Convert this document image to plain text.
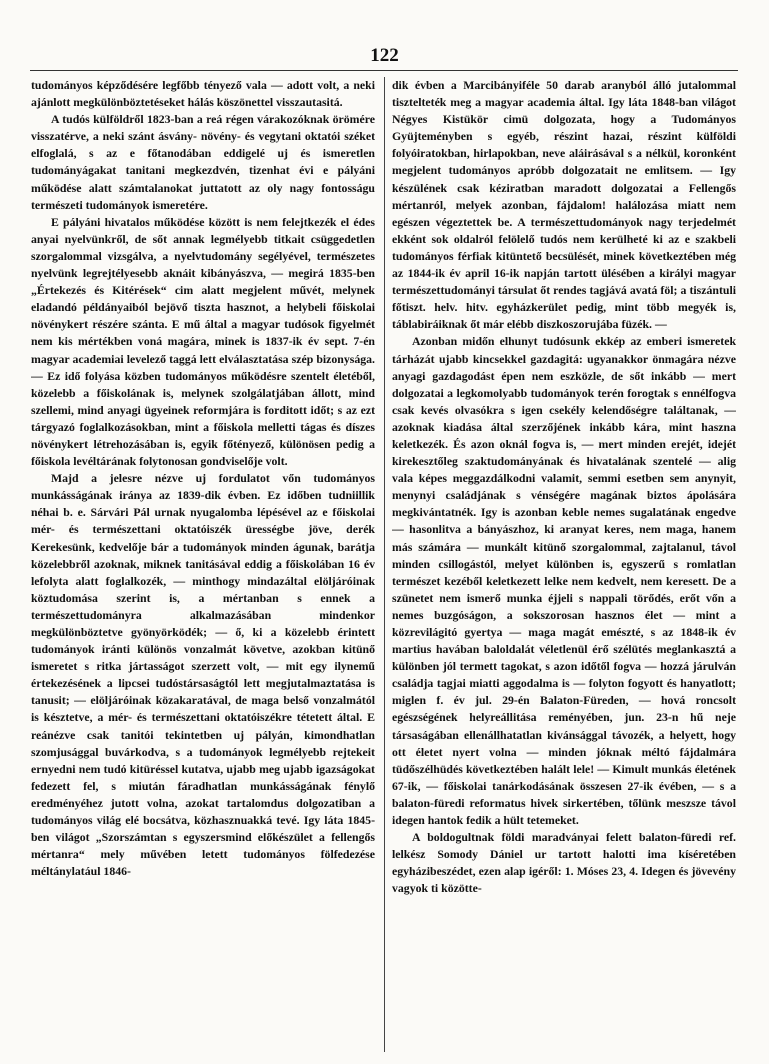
122

tudományos képződésére legfőbb tényező vala — adott volt, a neki ajánlott megkülönböztetéseket hálás köszönettel visszautasitá.

A tudós külföldről 1823-ban a reá régen várakozóknak örömére visszatérve, a neki szánt ásvány- növény- és vegytani oktatói széket elfoglalá, s az e főtanodában eddigelé uj és ismeretlen tudományágakat tanitani megkezdvén, tizenhat évi e pályáni működése alatt számtalanokat juttatott az oly nagy fontosságu természeti tudományok ismeretére.

E pályáni hivatalos működése között is nem felejtkezék el édes anyai nyelvünkről, de sőt annak legmélyebb titkait csüggedetlen szorgalommal vizsgálva, a nyelvtudomány segélyével, természetes nyelvünk legrejtélyesebb aknáit kibányászva, — megirá 1835-ben „Értekezés és Kitérések“ cim alatt megjelent művét, melynek eladandó példányaiból bejövő tiszta hasznot, a helybeli főiskolai növénykert részére szánta. E mű által a magyar tudósok figyelmét nem kis mértékben voná magára, minek is 1837-ik év sept. 7-én magyar academiai levelező taggá lett elválasztatása szép bizonysága. — Ez idő folyása közben tudományos működésre szentelt életéből, közelebb a főiskolának is, melynek szolgálatjában állott, mind szellemi, mind anyagi ügyeinek reformjára is forditott időt; s az ezt tárgyazó foglalkozásokban, mint a főiskola melletti tágas és díszes növénykert létrehozásában is, egyik főtényező, különösen pedig a főiskola levéltárának folytonosan gondviselője volt.

Majd a jelesre nézve uj fordulatot vőn tudományos munkásságának iránya az 1839-dik évben. Ez időben tudniillik néhai b. e. Sárvári Pál urnak nyugalomba lépésével az e főiskolai mér- és természettani oktatóiszék ürességbe jöve, derék Kerekesünk, kedvelője bár a tudományok minden águnak, barátja közelebbről azoknak, miknek tanitásával eddig a főiskolában 16 év lefolyta alatt foglalkozék, — minthogy mindazáltal elöljáróinak köztudomása szerint is, a mértanban s ennek a természettudományra alkalmazásában mindenkor megkülönböztetve gyönyörködék; — ő, ki a közelebb érintett tudományok iránti különös vonzalmát követve, azokban kitünő ismeretet s ritka jártasságot szerzett volt, — mit egy ilynemű értekezésének a lipcsei tudóstársaságtól lett megjutalmaztatása is tanusit; — elöljáróinak közakaratával, de maga belső vonzalmától is késztetve, a mér- és természettani oktatóiszékre tétetett által. E reánézve csak tanitói tekintetben uj pályán, kimondhatlan szomjusággal buvárkodva, s a tudományok legmélyebb rejtekeit ernyedni nem tudó kitüréssel kutatva, ujabb meg ujabb igazságokat fedezett fel, s miután fáradhatlan munkásságának fénylő eredményéhez jutott volna, azokat tartalomdus dolgozatiban a tudományos világ elé bocsátva, közhasznuakká tevé. Igy láta 1845-ben világot „Szorszámtan s egyszersmind előkészület a fellengős mértanra“ mely művében letett tudományos fölfedezése méltánylatául 1846-

dik évben a Marcibányiféle 50 darab aranyból álló jutalommal tisztelteték meg a magyar academia által. Igy láta 1848-ban világot Négyes Kistükör cimü dolgozata, hogy a Tudományos Gyüjteményben s egyéb, részint hazai, részint külföldi folyóiratokban, hirlapokban, neve aláirásával s a nélkül, koronként megjelent tudományos apróbb dolgozatait ne emlitsem. — Igy készülének csak kéziratban maradott dolgozatai a Fellengős mértanról, melyek azonban, fájdalom! halálozása miatt nem egészen végeztettek be. A természettudományok nagy terjedelmét ekként sok oldalról felölelő tudós nem kerülheté ki az e szakbeli tudományos férfiak kitüntető becsülését, minek következtében még az 1844-ik év april 16-ik napján tartott ülésében a királyi magyar természettudományi társulat őt rendes tagjává avatá föl; a tiszántuli főtiszt. helv. hitv. egyházkerület pedig, mint több megyék is, táblabiráiknak őt már elébb diszkoszorujába füzék. —

Azonban midőn elhunyt tudósunk ekkép az emberi ismeretek tárházát ujabb kincsekkel gazdagitá: ugyanakkor önmagára nézve anyagi gazdagodást épen nem eszközle, de sőt inkább — mert dolgozatai a legkomolyabb tudományok terén forogtak s ennélfogva csak kevés olvasókra s igen csekély kelendőségre találtanak, — azoknak kiadása által szerzőjének inkább kára, mint haszna keletkezék. És azon oknál fogva is, — mert minden erejét, idejét kirekesztőleg szaktudományának és hivatalának szentelé — alig vala képes meggazdálkodni valamit, semmi esetben sem anynyit, menynyi családjának s vénségére magának biztos ápolására megkivántatnék. Igy is azonban keble nemes sugalatának engedve — hasonlitva a bányászhoz, ki aranyat keres, nem maga, hanem más számára — munkált kitünő szorgalommal, zajtalanul, távol minden csillogástól, melyet különben is, egyszerű s romlatlan természet kezéből keletkezett lelke nem kedvelt, nem keresett. De a szünetet nem ismerő munka éjjeli s nappali törődés, erőt vőn a nemes buzgóságon, a sokszorosan hasznos élet — mint a közrevilágitó gyertya — maga magát emészté, s az 1848-ik év martius havában baloldalát véletlenül érő szélütés meglankasztá a különben jól termett tagokat, s azon időtől fogva — hozzá járulván családja tagjai miatti aggodalma is — folyton fogyott és hanyatlott; miglen f. év jul. 29-én Balaton-Füreden, — hová roncsolt egészségének helyreállitása reményében, jun. 23-n hű neje társaságában ellenállhatatlan kivánsággal távozék, a helyett, hogy ott életet nyert volna — minden jóknak méltó fájdalmára tüdőszélhüdés következtében halált lele! — Kimult munkás életének 67-ik, — főiskolai tanárkodásának összesen 27-ik évében, — s a balaton-füredi reformatus hivek sirkertében, tőlünk meszsze távol idegen hantok fedik a hült tetemeket.

A boldogultnak földi maradványai felett balaton-füredi ref. lelkész Somody Dániel ur tartott halotti ima kíséretében egyházibeszédet, ezen alap igéről: 1. Móses 23, 4. Idegen és jövevény vagyok ti közötte-
